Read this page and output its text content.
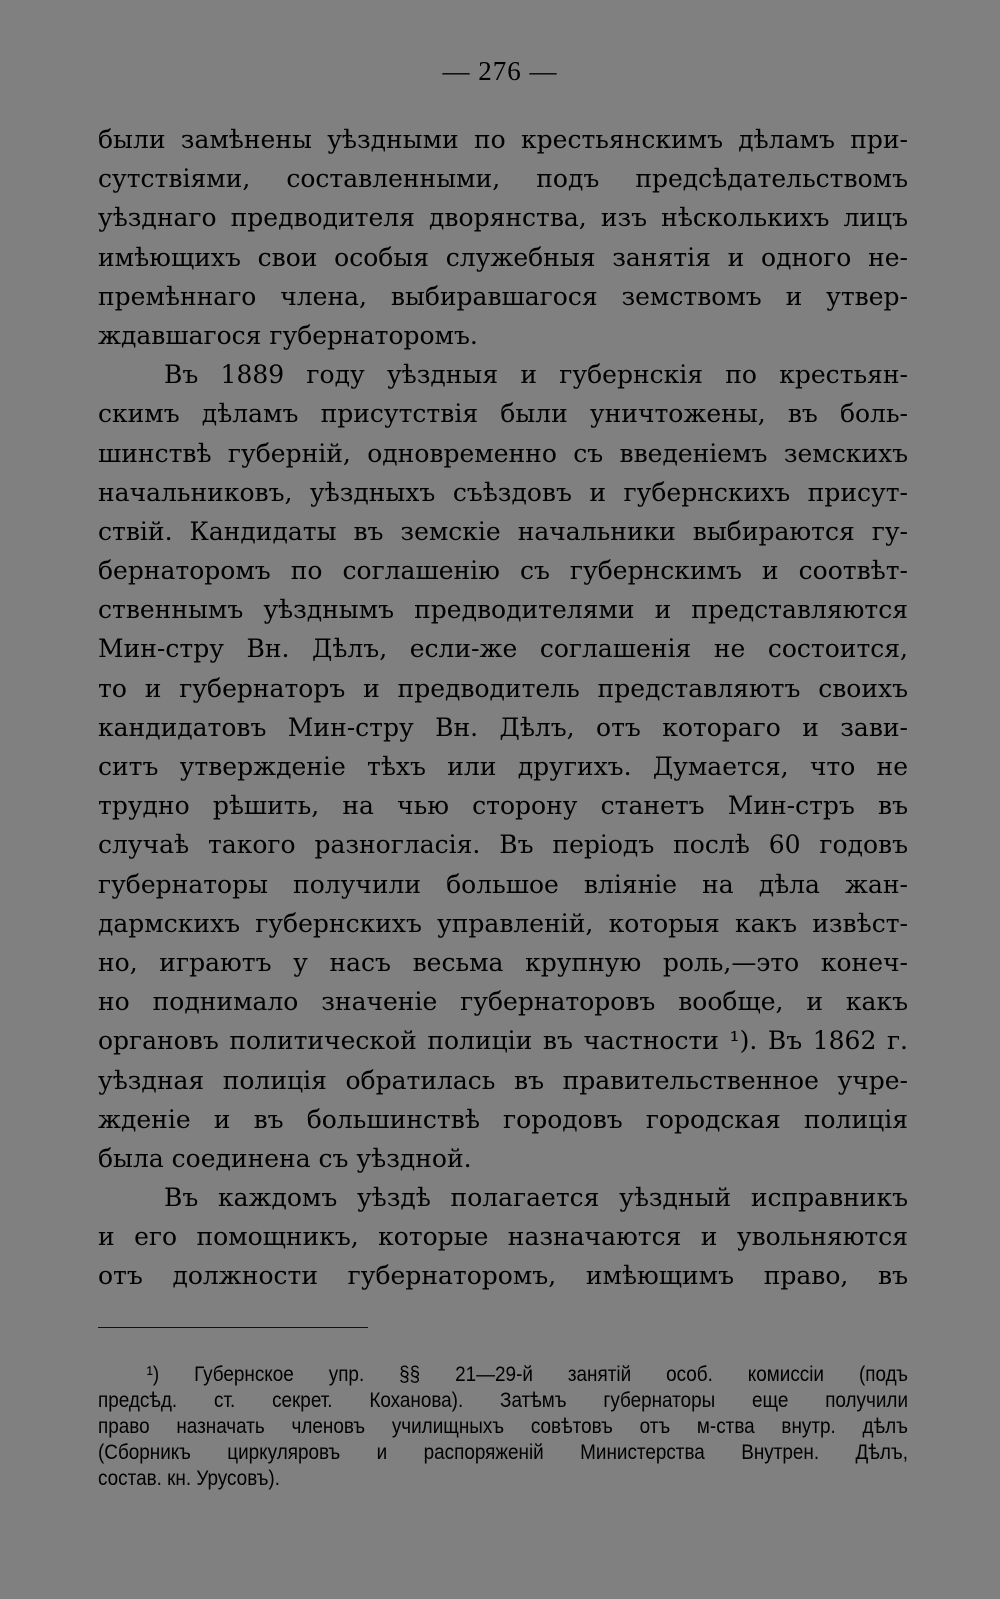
— 276 —
были замѣнены уѣздными по крестьянскимъ дѣламъ при-
сутствіями, составленными, подъ предсѣдательствомъ
уѣзднаго предводителя дворянства, изъ нѣсколькихъ лицъ
имѣющихъ свои особыя служебныя занятія и одного не-
премѣннаго члена, выбиравшагося земствомъ и утвер-
ждавшагося губернаторомъ.
Въ 1889 году уѣздныя и губернскія по крестьян-
скимъ дѣламъ присутствія были уничтожены, въ боль-
шинствѣ губерній, одновременно съ введеніемъ земскихъ
начальниковъ, уѣздныхъ съѣздовъ и губернскихъ присут-
ствій. Кандидаты въ земскіе начальники выбираются гу-
бернаторомъ по соглашенію съ губернскимъ и соотвѣт-
ственнымъ уѣзднымъ предводителями и представляются
Мин-стру Вн. Дѣлъ, если-же соглашенія не состоится,
то и губернаторъ и предводитель представляютъ своихъ
кандидатовъ Мин-стру Вн. Дѣлъ, отъ котораго и зави-
ситъ утвержденіе тѣхъ или другихъ. Думается, что не
трудно рѣшить, на чью сторону станетъ Мин-стръ въ
случаѣ такого разногласія. Въ періодъ послѣ 60 годовъ
губернаторы получили большое вліяніе на дѣла жан-
дармскихъ губернскихъ управленій, которыя какъ извѣст-
но, играютъ у насъ весьма крупную роль,—это конеч-
но поднимало значеніе губернаторовъ вообще, и какъ
органовъ политической полиціи въ частности ¹). Въ 1862 г.
уѣздная полиція обратилась въ правительственное учре-
жденіе и въ большинствѣ городовъ городская полиція
была соединена съ уѣздной.
Въ каждомъ уѣздѣ полагается уѣздный исправникъ
и его помощникъ, которые назначаются и увольняются
отъ должности губернаторомъ, имѣющимъ право, въ
¹) Губернское упр. §§ 21—29-й занятій особ. комиссіи (подъ
предсѣд. ст. секрет. Коханова). Затѣмъ губернаторы еще получили
право назначать членовъ училищныхъ совѣтовъ отъ м-ства внутр. дѣлъ
(Сборникъ циркуляровъ и распоряженій Министерства Внутрен. Дѣлъ,
состав. кн. Урусовъ).
